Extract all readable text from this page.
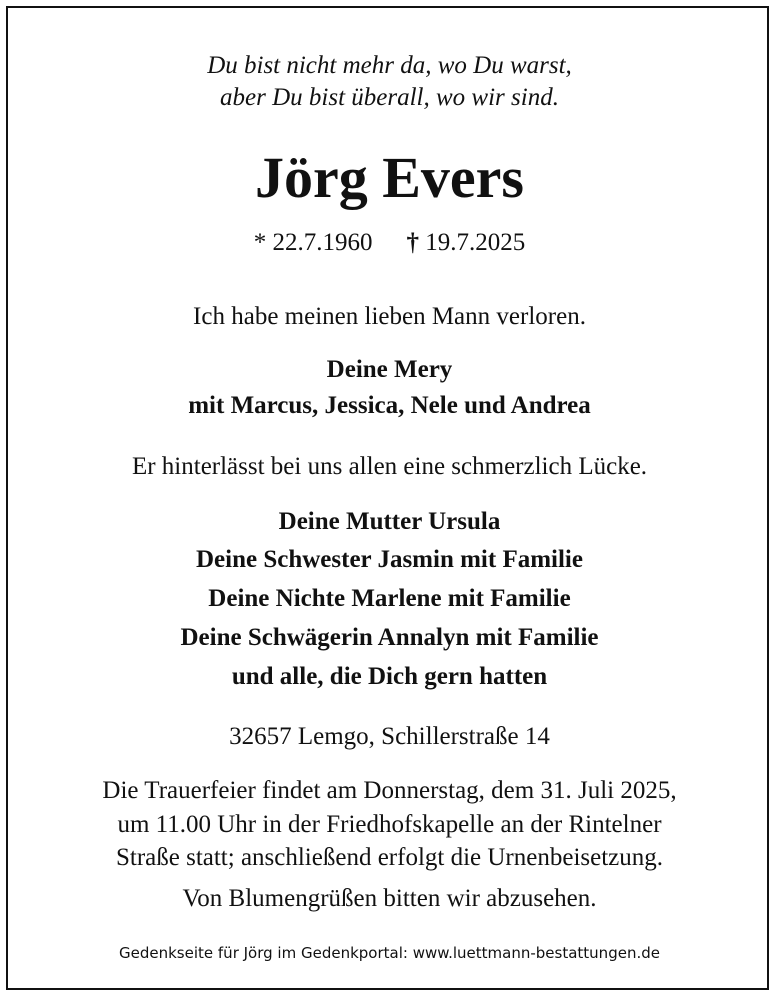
Du bist nicht mehr da, wo Du warst,
aber Du bist überall, wo wir sind.
Jörg Evers
* 22.7.1960 † 19.7.2025
Ich habe meinen lieben Mann verloren.
Deine Mery
mit Marcus, Jessica, Nele und Andrea
Er hinterlässt bei uns allen eine schmerzlich Lücke.
Deine Mutter Ursula
Deine Schwester Jasmin mit Familie
Deine Nichte Marlene mit Familie
Deine Schwägerin Annalyn mit Familie
und alle, die Dich gern hatten
32657 Lemgo, Schillerstraße 14
Die Trauerfeier findet am Donnerstag, dem 31. Juli 2025,
um 11.00 Uhr in der Friedhofskapelle an der Rintelner
Straße statt; anschließend erfolgt die Urnenbeisetzung.
Von Blumengrüßen bitten wir abzusehen.
Gedenkseite für Jörg im Gedenkportal: www.luettmann-bestattungen.de
